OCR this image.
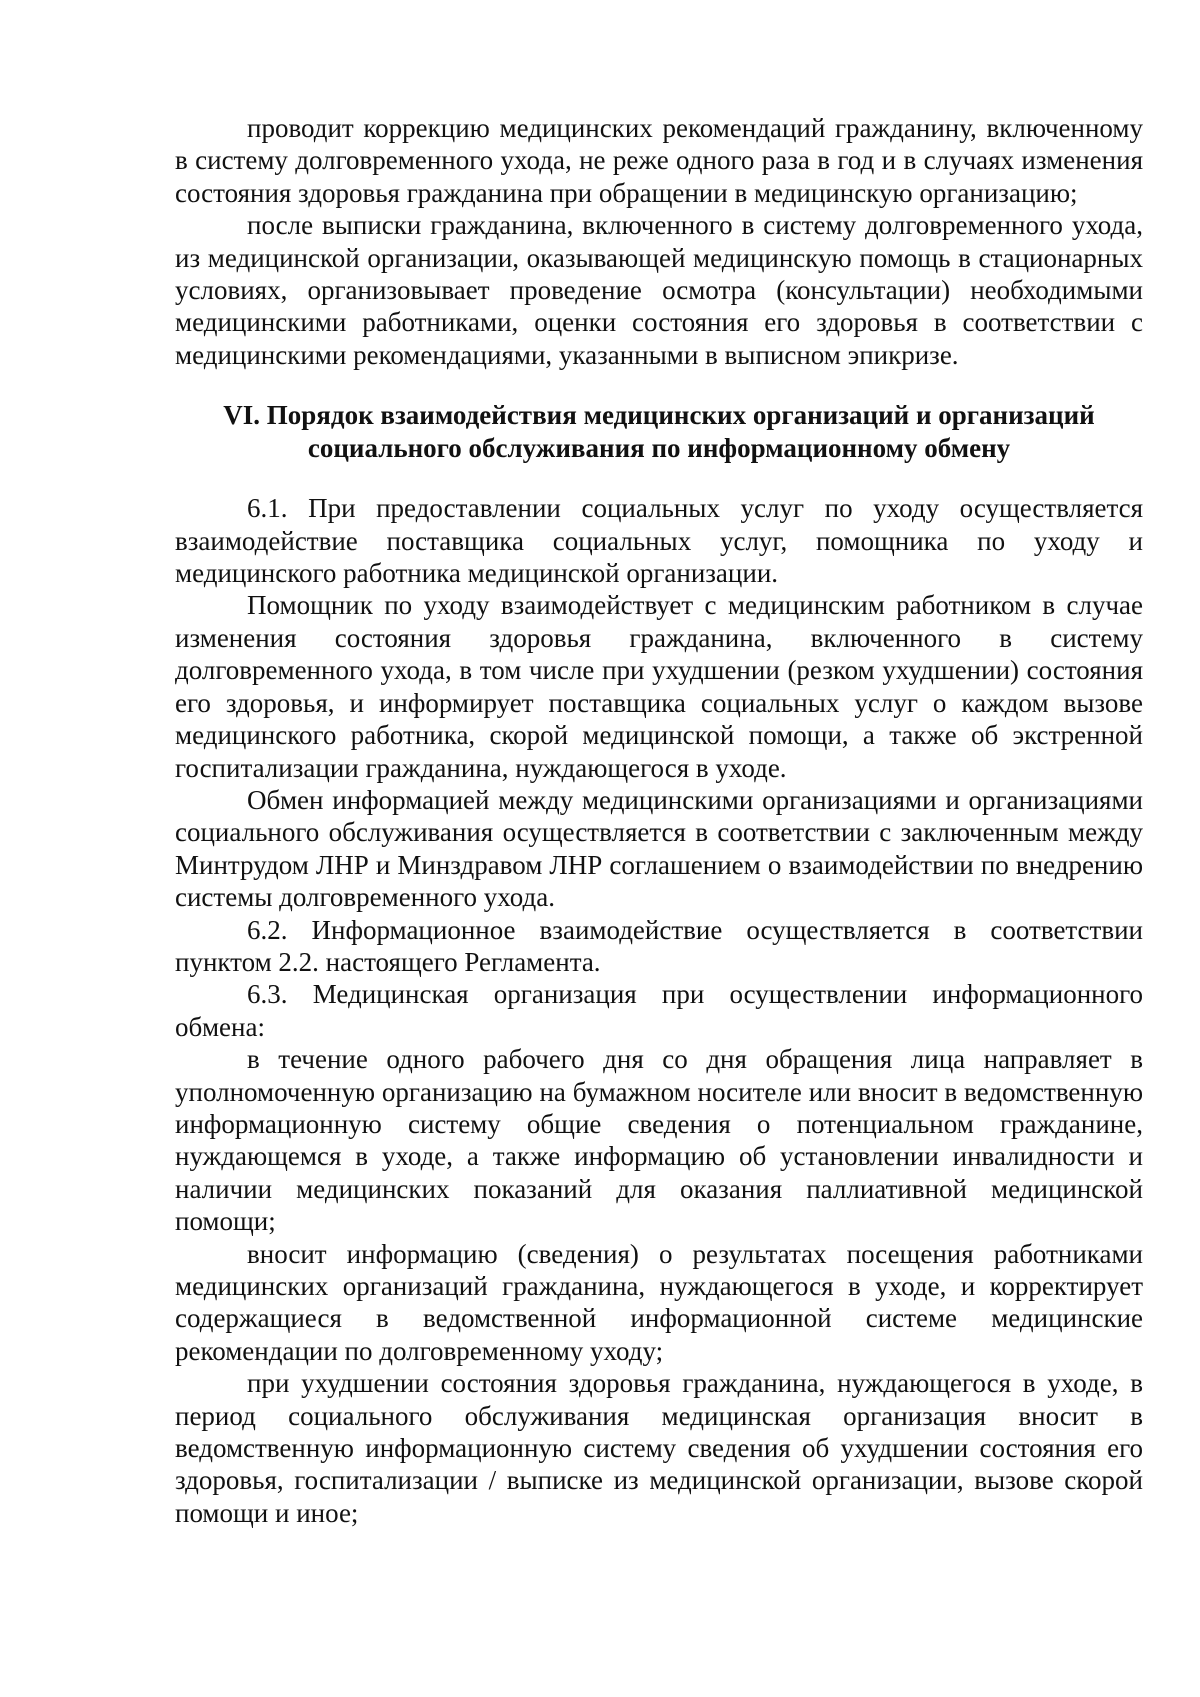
проводит коррекцию медицинских рекомендаций гражданину, включенному в систему долговременного ухода, не реже одного раза в год и в случаях изменения состояния здоровья гражданина при обращении в медицинскую организацию;

после выписки гражданина, включенного в систему долговременного ухода, из медицинской организации, оказывающей медицинскую помощь в стационарных условиях, организовывает проведение осмотра (консультации) необходимыми медицинскими работниками, оценки состояния его здоровья в соответствии с медицинскими рекомендациями, указанными в выписном эпикризе.

VI. Порядок взаимодействия медицинских организаций и организаций
социального обслуживания по информационному обмену

6.1. При предоставлении социальных услуг по уходу осуществляется взаимодействие поставщика социальных услуг, помощника по уходу и медицинского работника медицинской организации.

Помощник по уходу взаимодействует с медицинским работником в случае изменения состояния здоровья гражданина, включенного в систему долговременного ухода, в том числе при ухудшении (резком ухудшении) состояния его здоровья, и информирует поставщика социальных услуг о каждом вызове медицинского работника, скорой медицинской помощи, а также об экстренной госпитализации гражданина, нуждающегося в уходе.

Обмен информацией между медицинскими организациями и организациями социального обслуживания осуществляется в соответствии с заключенным между Минтрудом ЛНР и Минздравом ЛНР соглашением о взаимодействии по внедрению системы долговременного ухода.

6.2. Информационное взаимодействие осуществляется в соответствии пунктом 2.2. настоящего Регламента.

6.3. Медицинская организация при осуществлении информационного обмена:

в течение одного рабочего дня со дня обращения лица направляет в уполномоченную организацию на бумажном носителе или вносит в ведомственную информационную систему общие сведения о потенциальном гражданине, нуждающемся в уходе, а также информацию об установлении инвалидности и наличии медицинских показаний для оказания паллиативной медицинской помощи;

вносит информацию (сведения) о результатах посещения работниками медицинских организаций гражданина, нуждающегося в уходе, и корректирует содержащиеся в ведомственной информационной системе медицинские рекомендации по долговременному уходу;

при ухудшении состояния здоровья гражданина, нуждающегося в уходе, в период социального обслуживания медицинская организация вносит в ведомственную информационную систему сведения об ухудшении состояния его здоровья, госпитализации / выписке из медицинской организации, вызове скорой помощи и иное;
